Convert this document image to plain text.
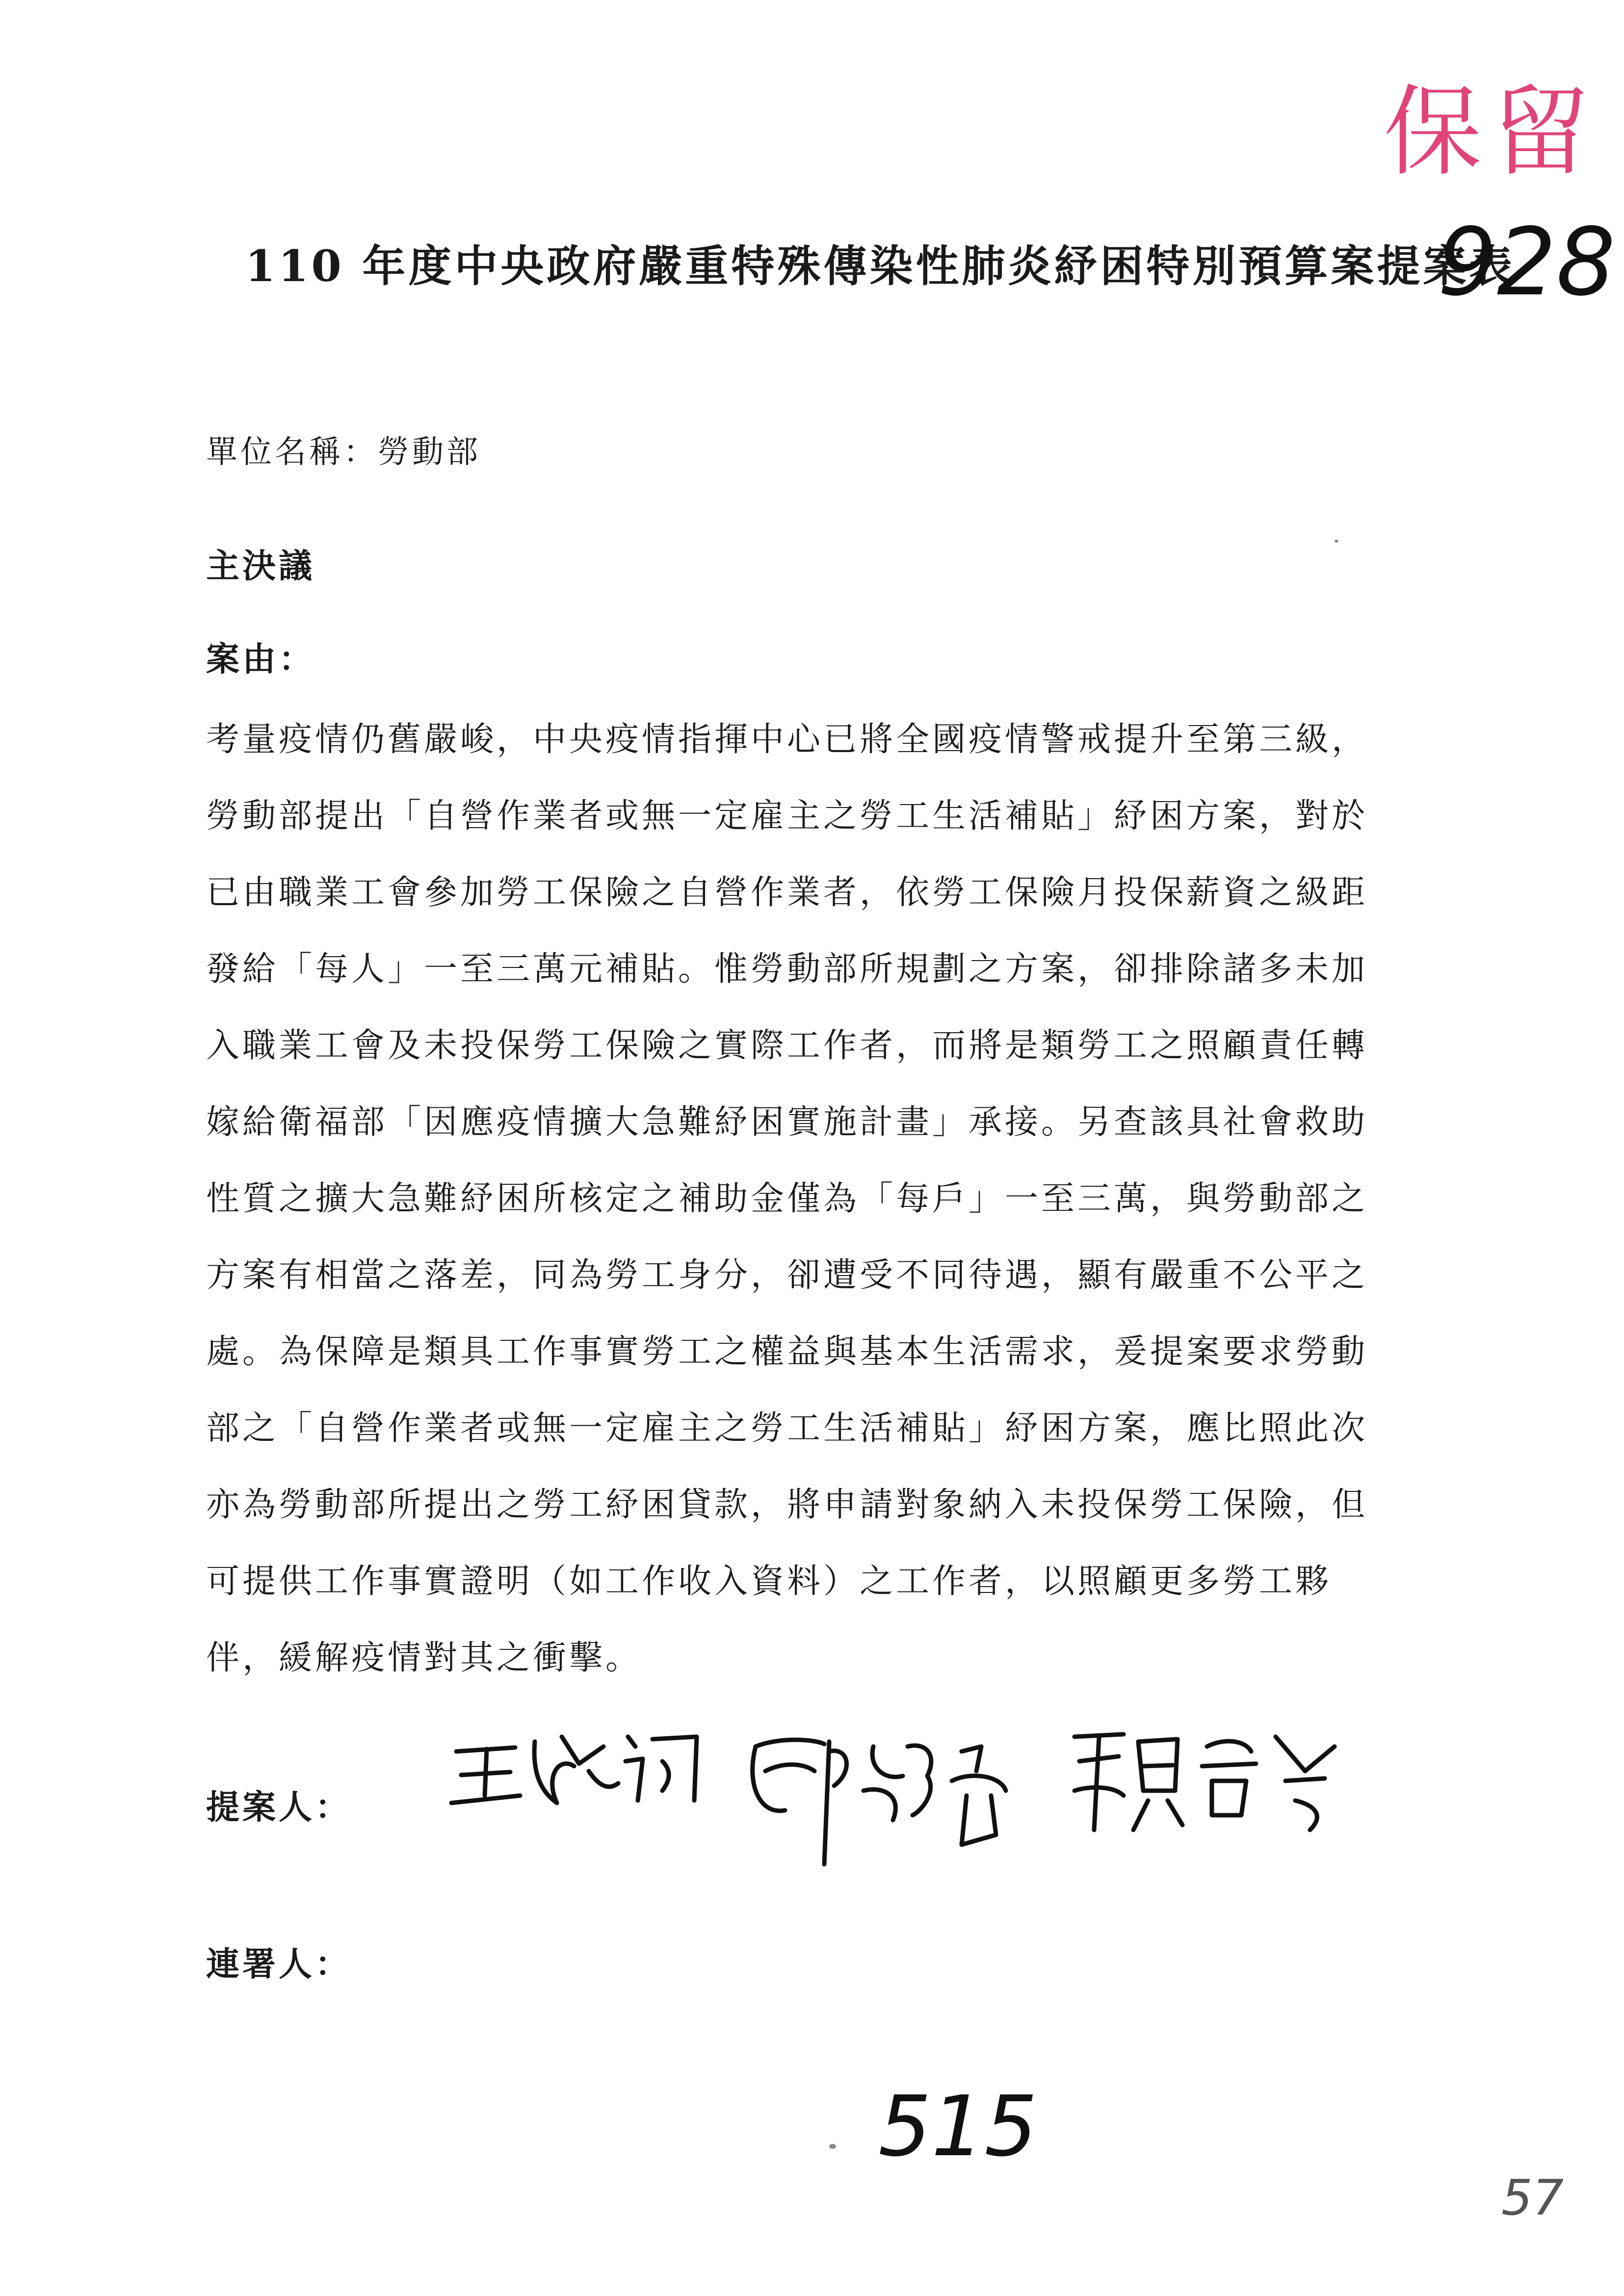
保留
110 年度中央政府嚴重特殊傳染性肺炎紓困特別預算案提案表
928
單位名稱：勞動部
主決議
案由：
考量疫情仍舊嚴峻，中央疫情指揮中心已將全國疫情警戒提升至第三級，
勞動部提出「自營作業者或無一定雇主之勞工生活補貼」紓困方案，對於
已由職業工會參加勞工保險之自營作業者，依勞工保險月投保薪資之級距
發給「每人」一至三萬元補貼。惟勞動部所規劃之方案，卻排除諸多未加
入職業工會及未投保勞工保險之實際工作者，而將是類勞工之照顧責任轉
嫁給衛福部「因應疫情擴大急難紓困實施計畫」承接。另查該具社會救助
性質之擴大急難紓困所核定之補助金僅為「每戶」一至三萬，與勞動部之
方案有相當之落差，同為勞工身分，卻遭受不同待遇，顯有嚴重不公平之
處。為保障是類具工作事實勞工之權益與基本生活需求，爰提案要求勞動
部之「自營作業者或無一定雇主之勞工生活補貼」紓困方案，應比照此次
亦為勞動部所提出之勞工紓困貸款，將申請對象納入未投保勞工保險，但
可提供工作事實證明（如工作收入資料）之工作者，以照顧更多勞工夥
伴，緩解疫情對其之衝擊。
提案人：
連署人：
515
57
